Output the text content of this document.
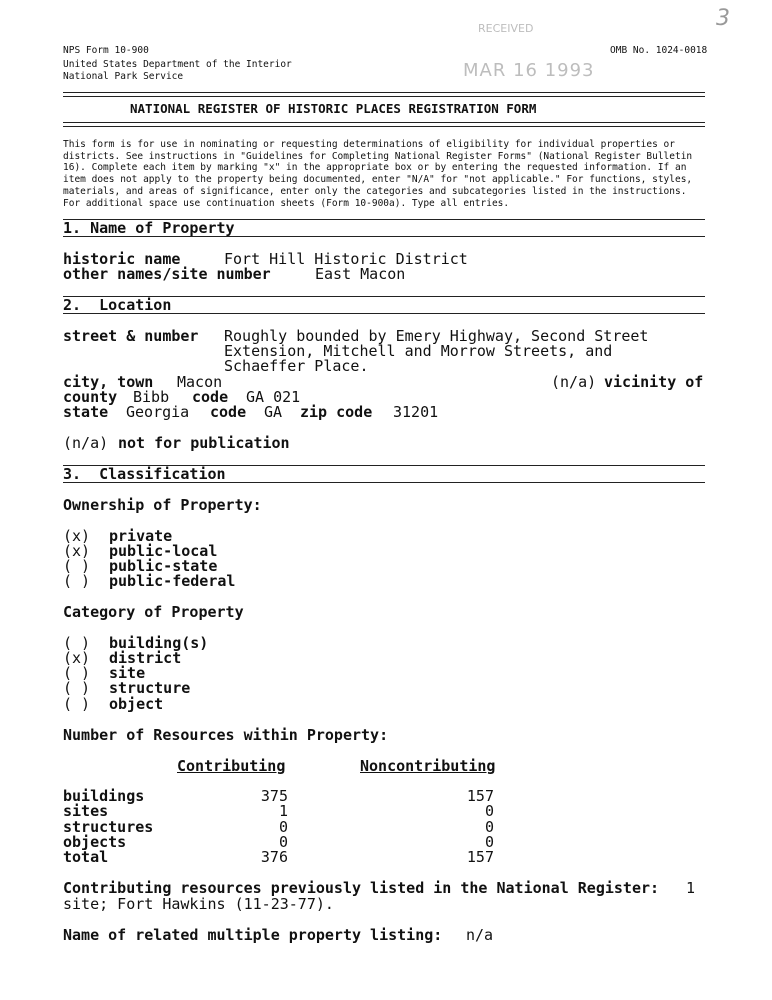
NPS Form 10-900
United States Department of the Interior
National Park Service
OMB No. 1024-0018
RECEIVED
MAR 16 1993
3
NATIONAL REGISTER OF HISTORIC PLACES REGISTRATION FORM
This form is for use in nominating or requesting determinations of eligibility for individual properties or districts. See instructions in "Guidelines for Completing National Register Forms" (National Register Bulletin 16). Complete each item by marking "x" in the appropriate box or by entering the requested information. If an item does not apply to the property being documented, enter "N/A" for "not applicable." For functions, styles, materials, and areas of significance, enter only the categories and subcategories listed in the instructions. For additional space use continuation sheets (Form 10-900a). Type all entries.
1. Name of Property
historic name	Fort Hill Historic District
other names/site number	East Macon
2.  Location
street & number Roughly bounded by Emery Highway, Second Street
Extension, Mitchell and Morrow Streets, and
Schaeffer Place.
city, town Macon	(n/a) vicinity of
county Bibb code GA 021
state Georgia code GA zip code 31201
(n/a) not for publication
3.  Classification
Ownership of Property:
(x) private
(x) public-local
( ) public-state
( ) public-federal
Category of Property
( ) building(s)
(x) district
( ) site
( ) structure
( ) object
Number of Resources within Property:
Contributing	Noncontributing
buildings	375	157
sites	1	0
structures	0	0
objects	0	0
total	376	157
Contributing resources previously listed in the National Register: 1
site; Fort Hawkins (11-23-77).
Name of related multiple property listing: n/a
